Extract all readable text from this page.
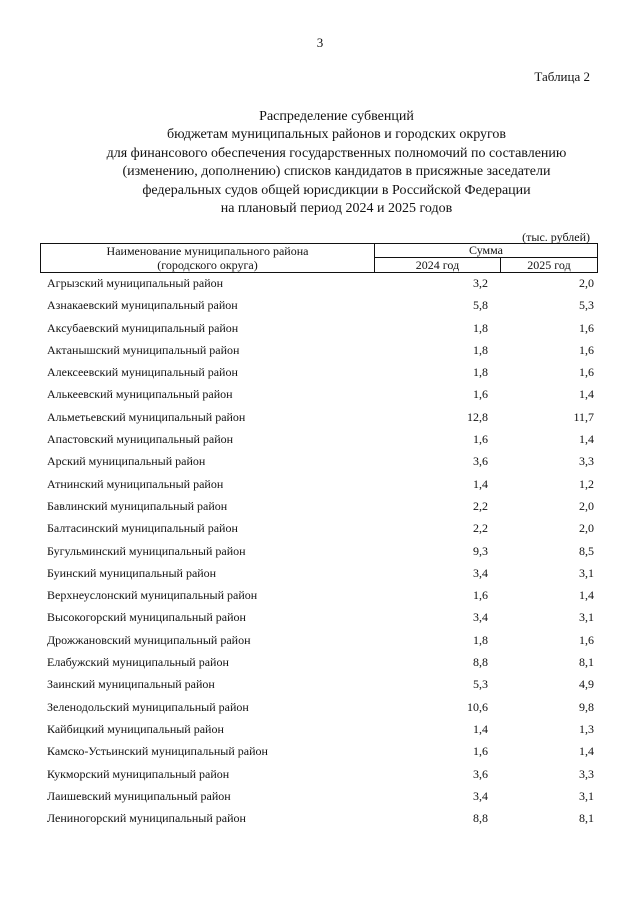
3
Таблица 2
Распределение субвенций
бюджетам муниципальных районов и городских округов
для финансового обеспечения государственных полномочий по составлению
(изменению, дополнению) списков кандидатов в присяжные заседатели
федеральных судов общей юрисдикции в Российской Федерации
на плановый период 2024 и 2025 годов
(тыс. рублей)
Наименование муниципального района
(городского округа)
Сумма
2024 год	2025 год
Агрызский муниципальный район	3,2	2,0
Азнакаевский муниципальный район	5,8	5,3
Аксубаевский муниципальный район	1,8	1,6
Актанышский муниципальный район	1,8	1,6
Алексеевский муниципальный район	1,8	1,6
Алькеевский муниципальный район	1,6	1,4
Альметьевский муниципальный район	12,8	11,7
Апастовский муниципальный район	1,6	1,4
Арский муниципальный район	3,6	3,3
Атнинский муниципальный район	1,4	1,2
Бавлинский муниципальный район	2,2	2,0
Балтасинский муниципальный район	2,2	2,0
Бугульминский муниципальный район	9,3	8,5
Буинский муниципальный район	3,4	3,1
Верхнеуслонский муниципальный район	1,6	1,4
Высокогорский муниципальный район	3,4	3,1
Дрожжановский муниципальный район	1,8	1,6
Елабужский муниципальный район	8,8	8,1
Заинский муниципальный район	5,3	4,9
Зеленодольский муниципальный район	10,6	9,8
Кайбицкий муниципальный район	1,4	1,3
Камско-Устьинский муниципальный район	1,6	1,4
Кукморский муниципальный район	3,6	3,3
Лаишевский муниципальный район	3,4	3,1
Лениногорский муниципальный район	8,8	8,1
